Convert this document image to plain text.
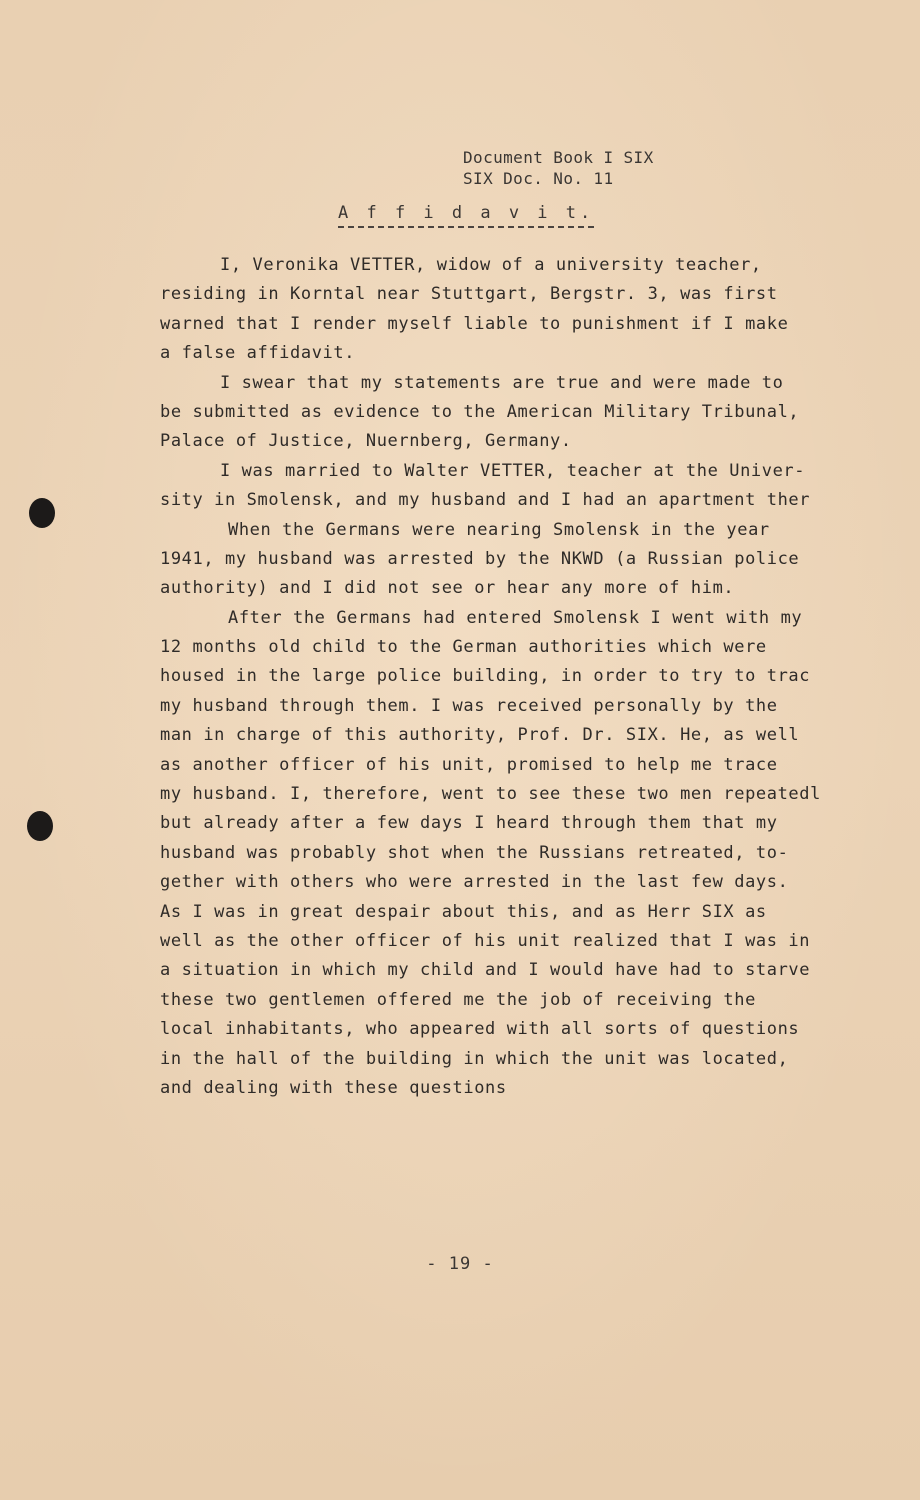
Document Book I SIX
SIX Doc. No. 11
A f f i d a v i t.
I, Veronika VETTER, widow of a university teacher,
residing in Korntal near Stuttgart, Bergstr. 3, was first
warned that I render myself liable to punishment if I make
a false affidavit.
I swear that my statements are true and were made to
be submitted as evidence to the American Military Tribunal,
Palace of Justice, Nuernberg, Germany.
I was married to Walter VETTER, teacher at the Univer-
sity in Smolensk, and my husband and I had an apartment ther
When the Germans were nearing Smolensk in the year
1941, my husband was arrested by the NKWD (a Russian police
authority) and I did not see or hear any more of him.
After the Germans had entered Smolensk I went with my
12 months old child to the German authorities which were
housed in the large police building, in order to try to trac
my husband through them. I was received personally by the
man in charge of this authority, Prof. Dr. SIX. He, as well
as another officer of his unit, promised to help me trace
my husband. I, therefore, went to see these two men repeatedl
but already after a few days I heard through them that my
husband was probably shot when the Russians retreated, to-
gether with others who were arrested in the last few days.
As I was in great despair about this, and as Herr SIX as
well as the other officer of his unit realized that I was in
a situation in which my child and I would have had to starve
these two gentlemen offered me the job of receiving the
local inhabitants, who appeared with all sorts of questions
in the hall of the building in which the unit was located,
and dealing with these questions
- 19 -
